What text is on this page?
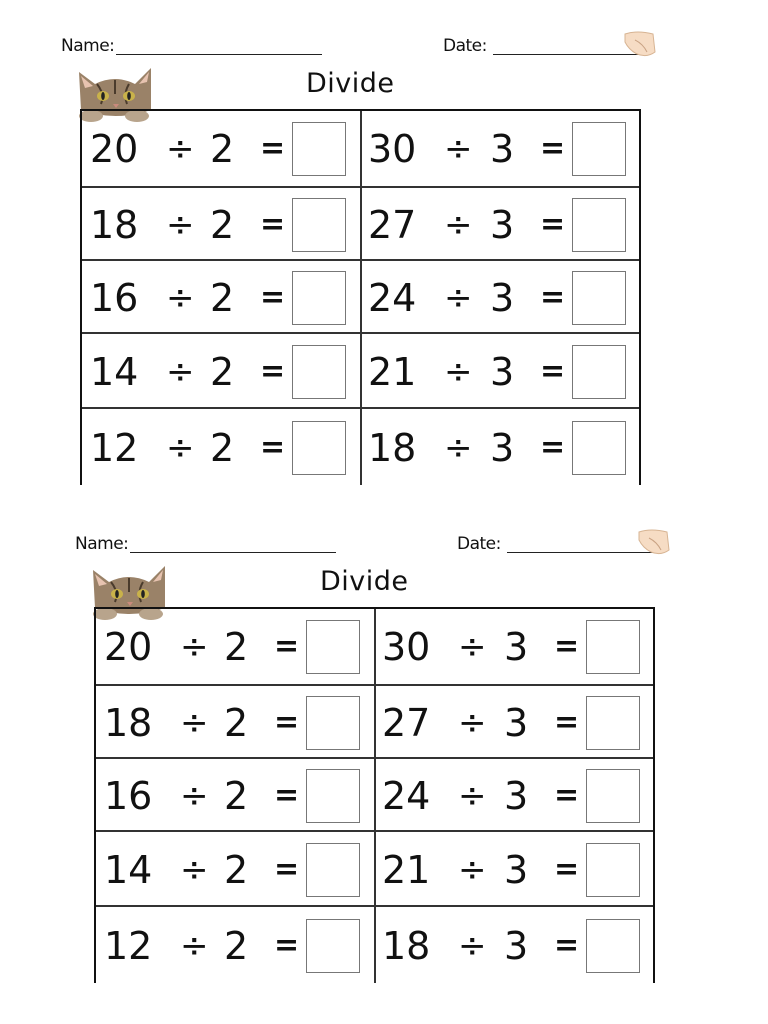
Name:	Date:
Divide
20 ÷ 2 = 30 ÷ 3 =
18 ÷ 2 = 27 ÷ 3 =
16 ÷ 2 = 24 ÷ 3 =
14 ÷ 2 = 21 ÷ 3 =
12 ÷ 2 = 18 ÷ 3 =
Name:	Date:
Divide
20 ÷ 2 = 30 ÷ 3 =
18 ÷ 2 = 27 ÷ 3 =
16 ÷ 2 = 24 ÷ 3 =
14 ÷ 2 = 21 ÷ 3 =
12 ÷ 2 = 18 ÷ 3 =
